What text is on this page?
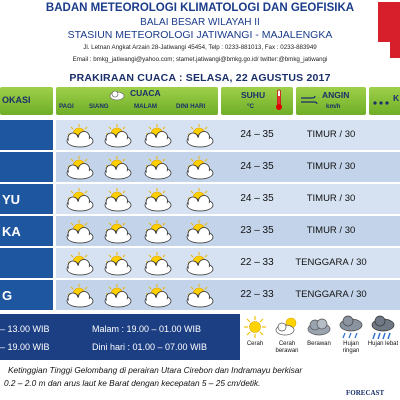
BADAN METEOROLOGI KLIMATOLOGI DAN GEOFISIKA
BALAI BESAR WILAYAH II
STASIUN METEOROLOGI JATIWANGI - MAJALENGKA
Jl. Letnan Angkat Arzain 28-Jatiwangi 45454, Telp : 0233-881013, Fax : 0233-883949
Email : bmkg_jatiwangi@yahoo.com; stamet.jatiwangi@bmkg.go.id/ twitter:@bmkg_jatiwangi
PRAKIRAAN CUACA : SELASA, 22 AGUSTUS 2017
OKASI
CUACA
PAGI SIANG	MALAM	DINI HARI
SUHU
°C
ANGIN
km/h
K
24 – 35	TIMUR / 30
24 – 35	TIMUR / 30
YU	24 – 35	TIMUR / 30
KA	23 – 35	TIMUR / 30
22 – 33	TENGGARA / 30
G	22 – 33	TENGGARA / 30
– 13.00 WIB
– 19.00 WIB
Malam : 19.00 – 01.00 WIB
Dini hari : 01.00 – 07.00 WIB	Cerah	Cerah berawan
Berawan	Hujan ringan
Hujan lebat
Ketinggian Tinggi Gelombang di perairan Utara Cirebon dan Indramayu berkisar
0.2 – 2.0 m dan arus laut ke Barat dengan kecepatan 5 – 25 cm/detik.
FORECAST
